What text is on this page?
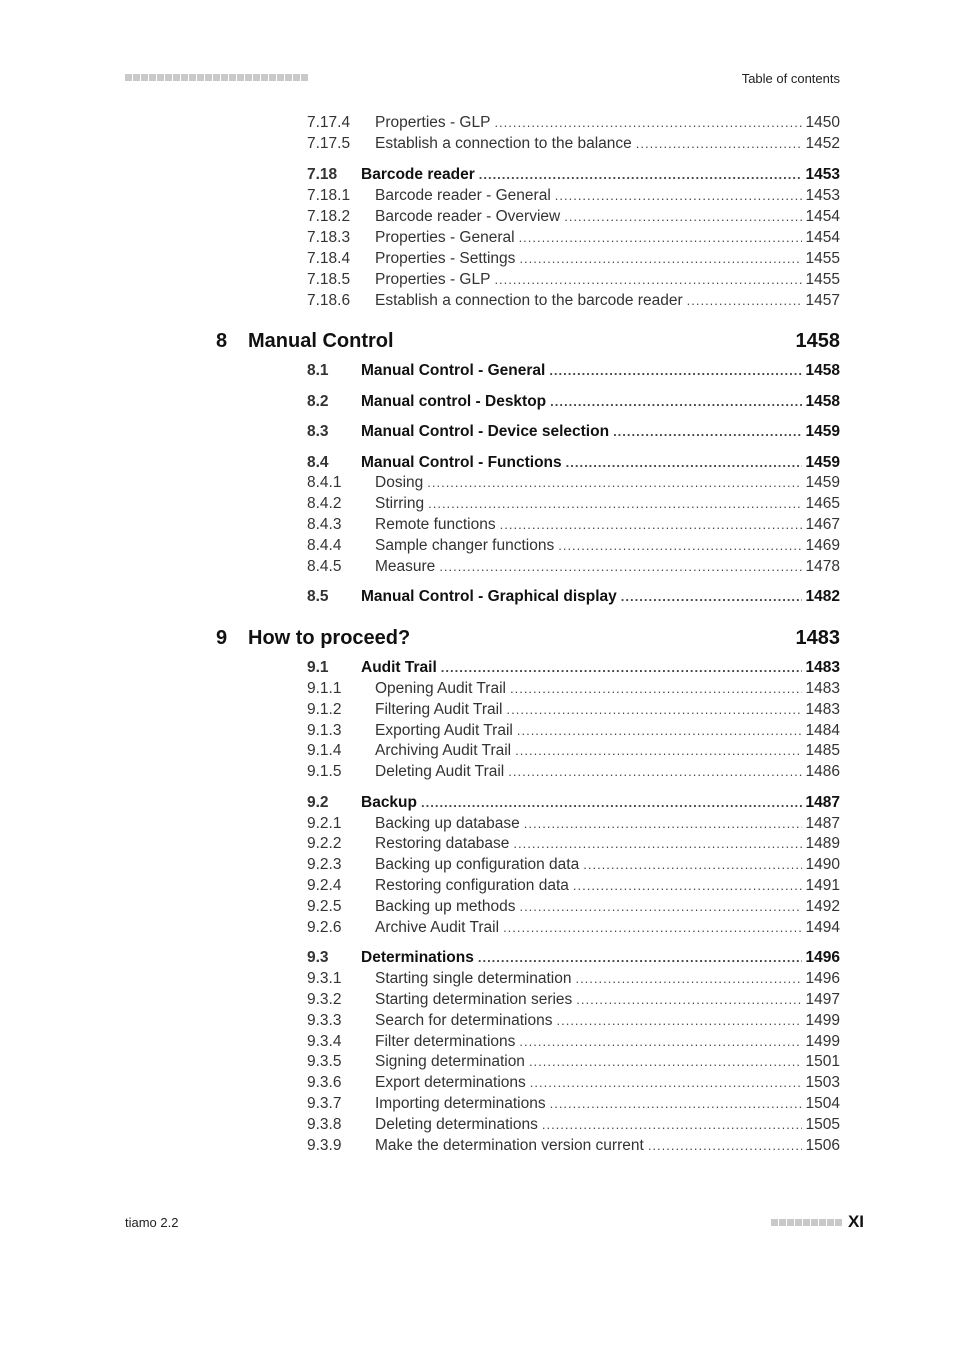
Table of contents
7.17.4	Properties - GLP .....	1450
7.17.5	Establish a connection to the balance .....	1452
7.18	Barcode reader .....	1453
7.18.1	Barcode reader - General .....	1453
7.18.2	Barcode reader - Overview .....	1454
7.18.3	Properties - General .....	1454
7.18.4	Properties - Settings .....	1455
7.18.5	Properties - GLP .....	1455
7.18.6	Establish a connection to the barcode reader .....	1457
8	Manual Control	1458
8.1	Manual Control - General .....	1458
8.2	Manual control - Desktop .....	1458
8.3	Manual Control - Device selection .....	1459
8.4	Manual Control - Functions .....	1459
8.4.1	Dosing .....	1459
8.4.2	Stirring .....	1465
8.4.3	Remote functions .....	1467
8.4.4	Sample changer functions .....	1469
8.4.5	Measure .....	1478
8.5	Manual Control - Graphical display .....	1482
9	How to proceed?	1483
9.1	Audit Trail .....	1483
9.1.1	Opening Audit Trail .....	1483
9.1.2	Filtering Audit Trail .....	1483
9.1.3	Exporting Audit Trail .....	1484
9.1.4	Archiving Audit Trail .....	1485
9.1.5	Deleting Audit Trail .....	1486
9.2	Backup .....	1487
9.2.1	Backing up database .....	1487
9.2.2	Restoring database .....	1489
9.2.3	Backing up configuration data .....	1490
9.2.4	Restoring configuration data .....	1491
9.2.5	Backing up methods .....	1492
9.2.6	Archive Audit Trail .....	1494
9.3	Determinations .....	1496
9.3.1	Starting single determination .....	1496
9.3.2	Starting determination series .....	1497
9.3.3	Search for determinations .....	1499
9.3.4	Filter determinations .....	1499
9.3.5	Signing determination .....	1501
9.3.6	Export determinations .....	1503
9.3.7	Importing determinations .....	1504
9.3.8	Deleting determinations .....	1505
9.3.9	Make the determination version current .....	1506
tiamo 2.2	XI
